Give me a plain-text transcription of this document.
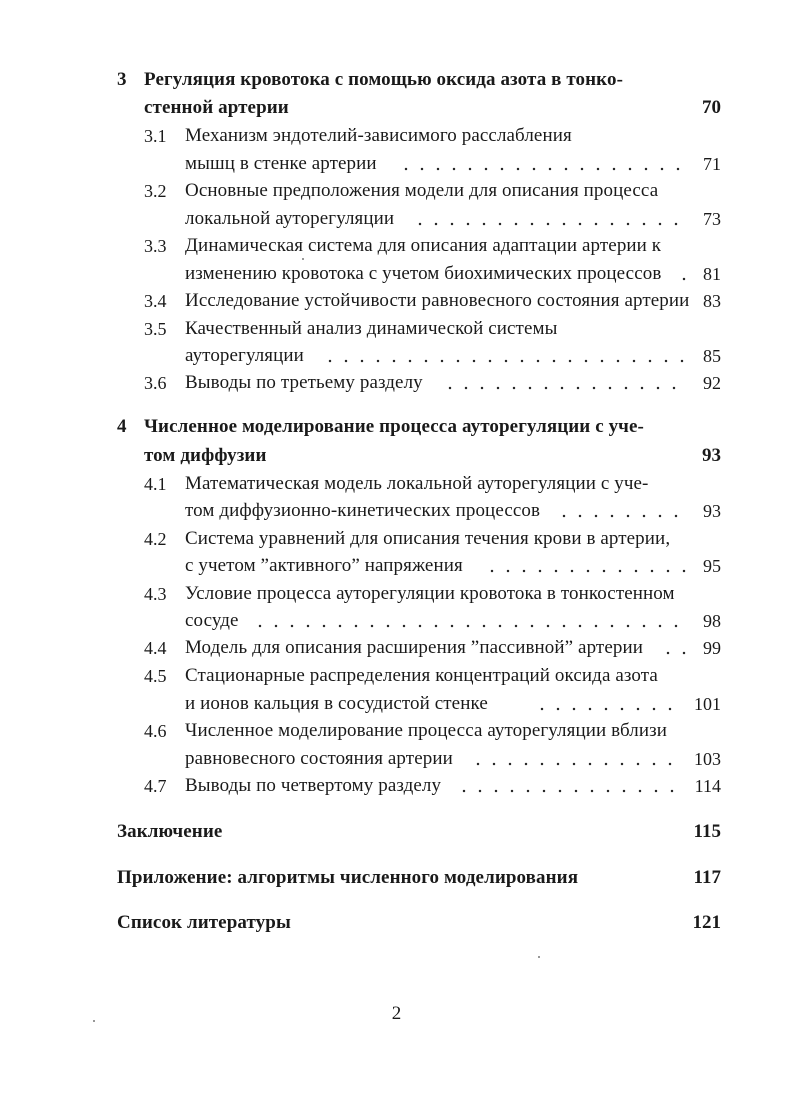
3 Регуляция кровотока с помощью оксида азота в тонко-
стенной артерии	70
3.1 Механизм эндотелий-зависимого расслабления
мышц в стенке артерии	71
3.2 Основные предположения модели для описания процесса
локальной ауторегуляции	73
3.3 Динамическая система для описания адаптации артерии к
изменению кровотока с учетом биохимических процессов 81
3.4 Исследование устойчивости равновесного состояния артерии 83
3.5 Качественный анализ динамической системы
ауторегуляции	85
3.6 Выводы по третьему разделу	92
4 Численное моделирование процесса ауторегуляции с уче-
том диффузии	93
4.1 Математическая модель локальной ауторегуляции с уче-
том диффузионно-кинетических процессов	93
4.2 Система уравнений для описания течения крови в артерии,
с учетом ”активного” напряжения	95
4.3 Условие процесса ауторегуляции кровотока в тонкостенном
сосуде	98
4.4 Модель для описания расширения ”пассивной” артерии	99
4.5 Стационарные распределения концентраций оксида азота
и ионов кальция в сосудистой стенке	101
4.6 Численное моделирование процесса ауторегуляции вблизи
равновесного состояния артерии	103
4.7 Выводы по четвертому разделу	114
Заключение	115
Приложение: алгоритмы численного моделирования	117
Список литературы	121
2
